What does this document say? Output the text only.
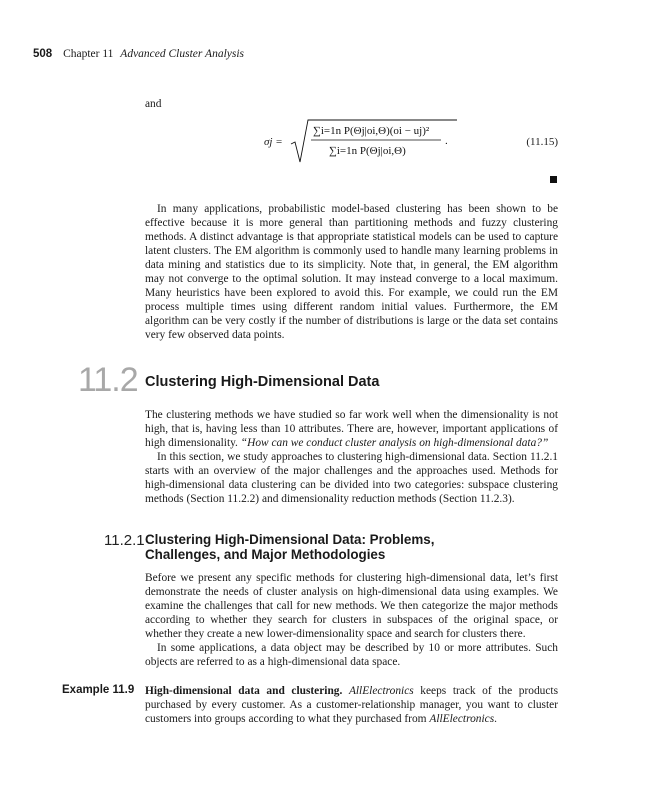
508 Chapter 11 Advanced Cluster Analysis
and
σj =
∑i=1n P(Θj|oi,Θ)(oi − uj)²
∑i=1n P(Θj|oi,Θ)
.	(11.15)
In many applications, probabilistic model-based clustering has been shown to be effective because it is more general than partitioning methods and fuzzy clustering methods. A distinct advantage is that appropriate statistical models can be used to capture latent clusters. The EM algorithm is commonly used to handle many learning problems in data mining and statistics due to its simplicity. Note that, in general, the EM algorithm may not converge to the optimal solution. It may instead converge to a local maximum. Many heuristics have been explored to avoid this. For example, we could run the EM process multiple times using different random initial values. Furthermore, the EM algorithm can be very costly if the number of distributions is large or the data set contains very few observed data points.
11.2 Clustering High-Dimensional Data
The clustering methods we have studied so far work well when the dimensionality is not high, that is, having less than 10 attributes. There are, however, important applications of high dimensionality. “How can we conduct cluster analysis on high-dimensional data?”
In this section, we study approaches to clustering high-dimensional data. Section 11.2.1 starts with an overview of the major challenges and the approaches used. Methods for high-dimensional data clustering can be divided into two categories: subspace clustering methods (Section 11.2.2) and dimensionality reduction methods (Section 11.2.3).
11.2.1 Clustering High-Dimensional Data: Problems, Challenges, and Major Methodologies
Before we present any specific methods for clustering high-dimensional data, let’s first demonstrate the needs of cluster analysis on high-dimensional data using examples. We examine the challenges that call for new methods. We then categorize the major methods according to whether they search for clusters in subspaces of the original space, or whether they create a new lower-dimensionality space and search for clusters there.
In some applications, a data object may be described by 10 or more attributes. Such objects are referred to as a high-dimensional data space.
Example 11.9 High-dimensional data and clustering. AllElectronics keeps track of the products purchased by every customer. As a customer-relationship manager, you want to cluster customers into groups according to what they purchased from AllElectronics.
